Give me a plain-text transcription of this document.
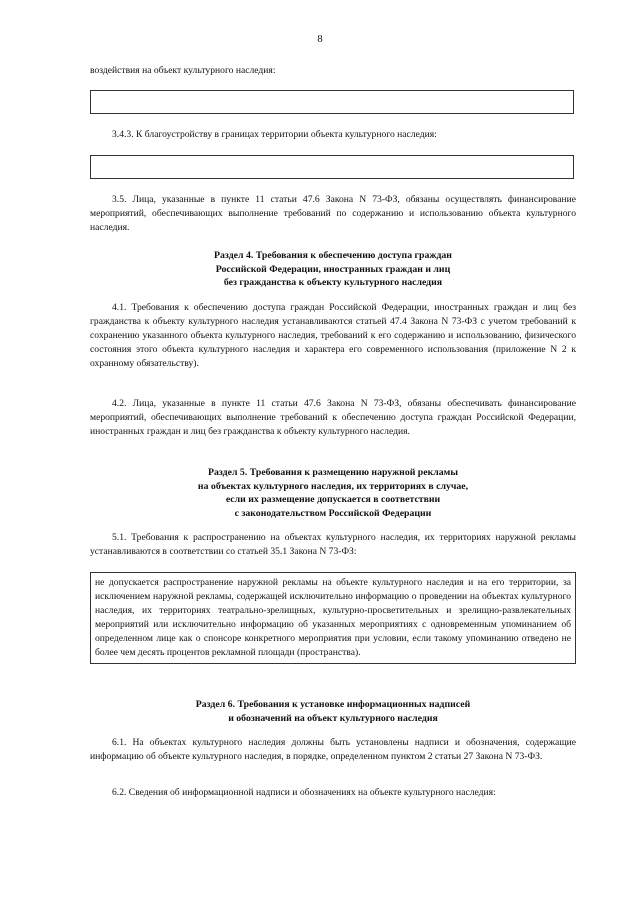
8

воздействия на объект культурного наследия:

3.4.3. К благоустройству в границах территории объекта культурного наследия:

3.5. Лица, указанные в пункте 11 статьи 47.6 Закона N 73-ФЗ, обязаны осуществлять финансирование мероприятий, обеспечивающих выполнение требований по содержанию и использованию объекта культурного наследия.

Раздел 4. Требования к обеспечению доступа граждан
Российской Федерации, иностранных граждан и лиц
без гражданства к объекту культурного наследия

4.1. Требования к обеспечению доступа граждан Российской Федерации, иностранных граждан и лиц без гражданства к объекту культурного наследия устанавливаются статьей 47.4 Закона N 73-ФЗ с учетом требований к сохранению указанного объекта культурного наследия, требований к его содержанию и использованию, физического состояния этого объекта культурного наследия и характера его современного использования (приложение N 2 к охранному обязательству).

4.2. Лица, указанные в пункте 11 статьи 47.6 Закона N 73-ФЗ, обязаны обеспечивать финансирование мероприятий, обеспечивающих выполнение требований к обеспечению доступа граждан Российской Федерации, иностранных граждан и лиц без гражданства к объекту культурного наследия.

Раздел 5. Требования к размещению наружной рекламы
на объектах культурного наследия, их территориях в случае,
если их размещение допускается в соответствии
с законодательством Российской Федерации

5.1. Требования к распространению на объектах культурного наследия, их территориях наружной рекламы устанавливаются в соответствии со статьей 35.1 Закона N 73-ФЗ:

не допускается распространение наружной рекламы на объекте культурного наследия и на его территории, за исключением наружной рекламы, содержащей исключительно информацию о проведении на объектах культурного наследия, их территориях театрально-зрелищных, культурно-просветительных и зрелищно-развлекательных мероприятий или исключительно информацию об указанных мероприятиях с одновременным упоминанием об определенном лице как о спонсоре конкретного мероприятия при условии, если такому упоминанию отведено не более чем десять процентов рекламной площади (пространства).

Раздел 6. Требования к установке информационных надписей
и обозначений на объект культурного наследия

6.1. На объектах культурного наследия должны быть установлены надписи и обозначения, содержащие информацию об объекте культурного наследия, в порядке, определенном пунктом 2 статьи 27 Закона N 73-ФЗ.

6.2. Сведения об информационной надписи и обозначениях на объекте культурного наследия:
